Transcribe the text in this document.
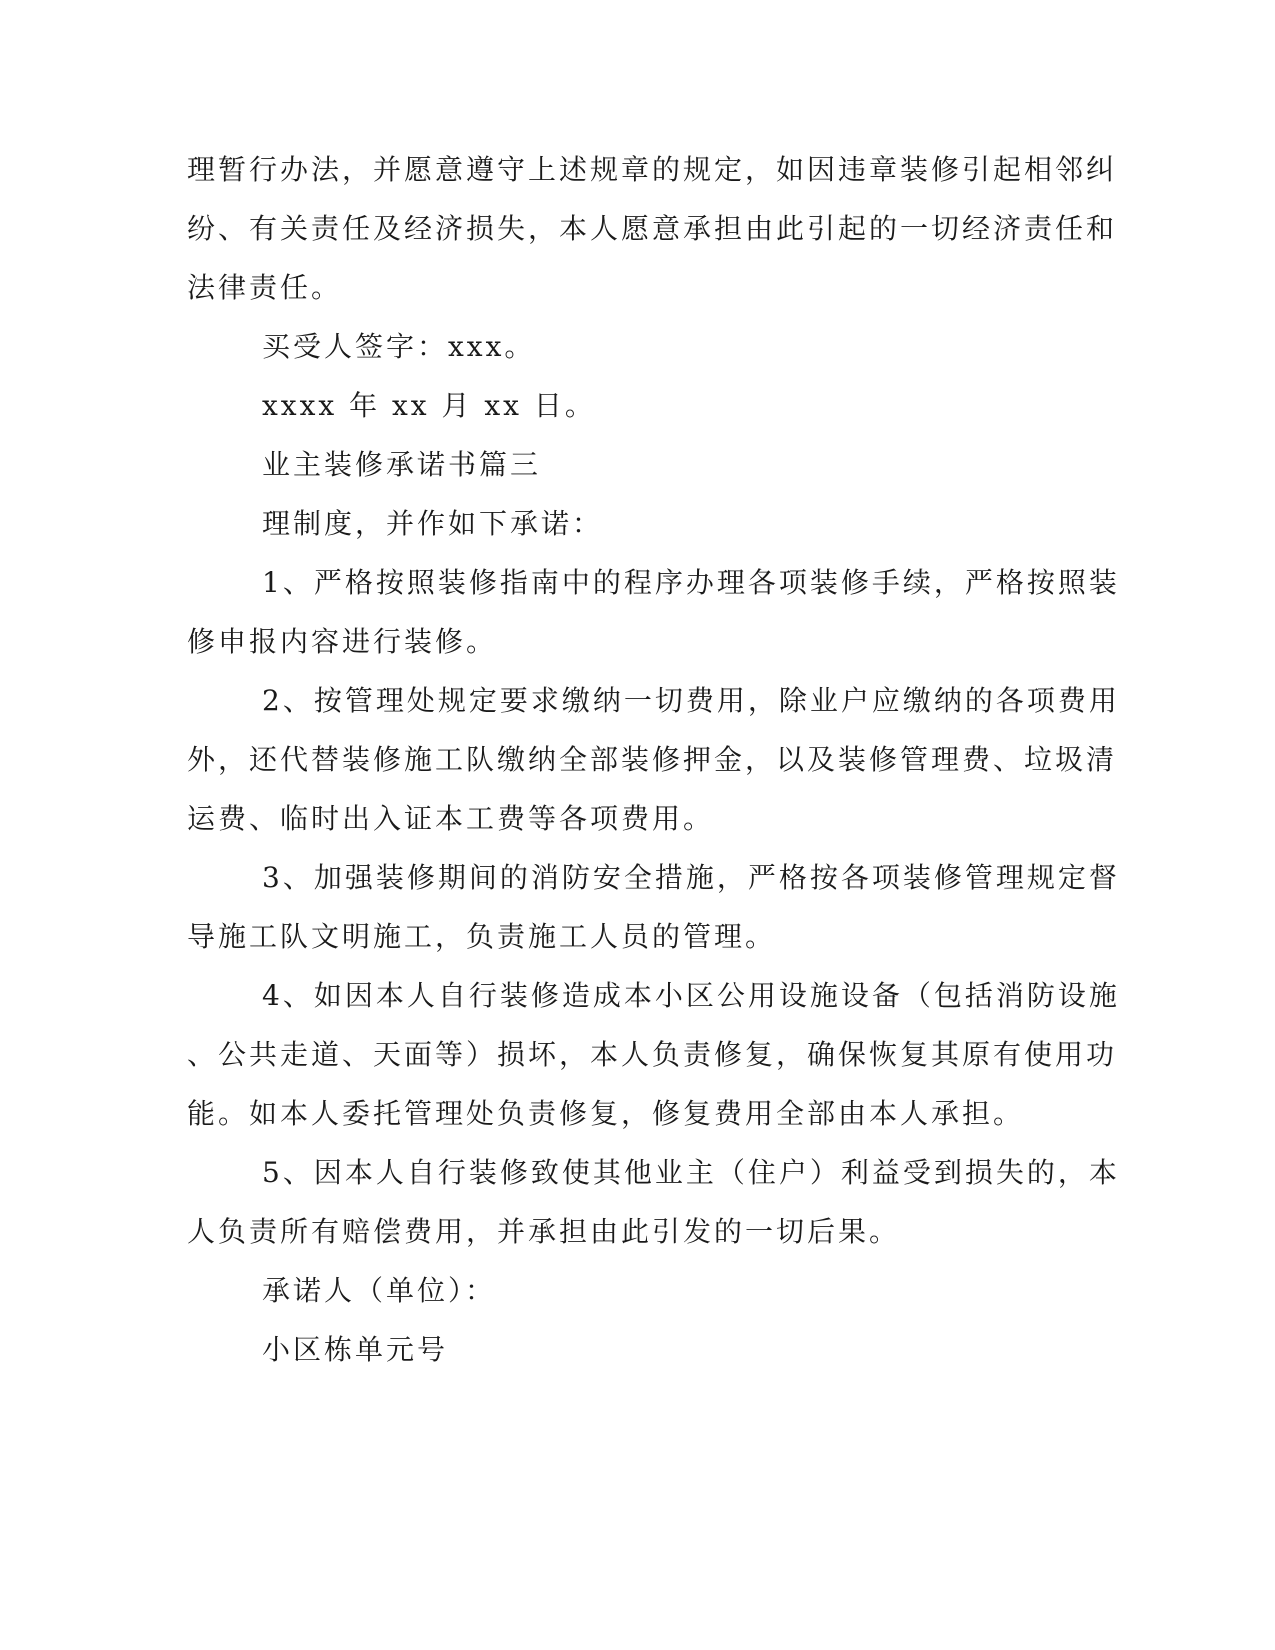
理暂行办法，并愿意遵守上述规章的规定，如因违章装修引起相邻纠
纷、有关责任及经济损失，本人愿意承担由此引起的一切经济责任和
法律责任。
买受人签字：xxx。
xxxx 年 xx 月 xx 日。
业主装修承诺书篇三
理制度，并作如下承诺：
1、严格按照装修指南中的程序办理各项装修手续，严格按照装
修申报内容进行装修。
2、按管理处规定要求缴纳一切费用，除业户应缴纳的各项费用
外，还代替装修施工队缴纳全部装修押金，以及装修管理费、垃圾清
运费、临时出入证本工费等各项费用。
3、加强装修期间的消防安全措施，严格按各项装修管理规定督
导施工队文明施工，负责施工人员的管理。
4、如因本人自行装修造成本小区公用设施设备（包括消防设施
、公共走道、天面等）损坏，本人负责修复，确保恢复其原有使用功
能。如本人委托管理处负责修复，修复费用全部由本人承担。
5、因本人自行装修致使其他业主（住户）利益受到损失的，本
人负责所有赔偿费用，并承担由此引发的一切后果。
承诺人（单位）：
小区栋单元号
